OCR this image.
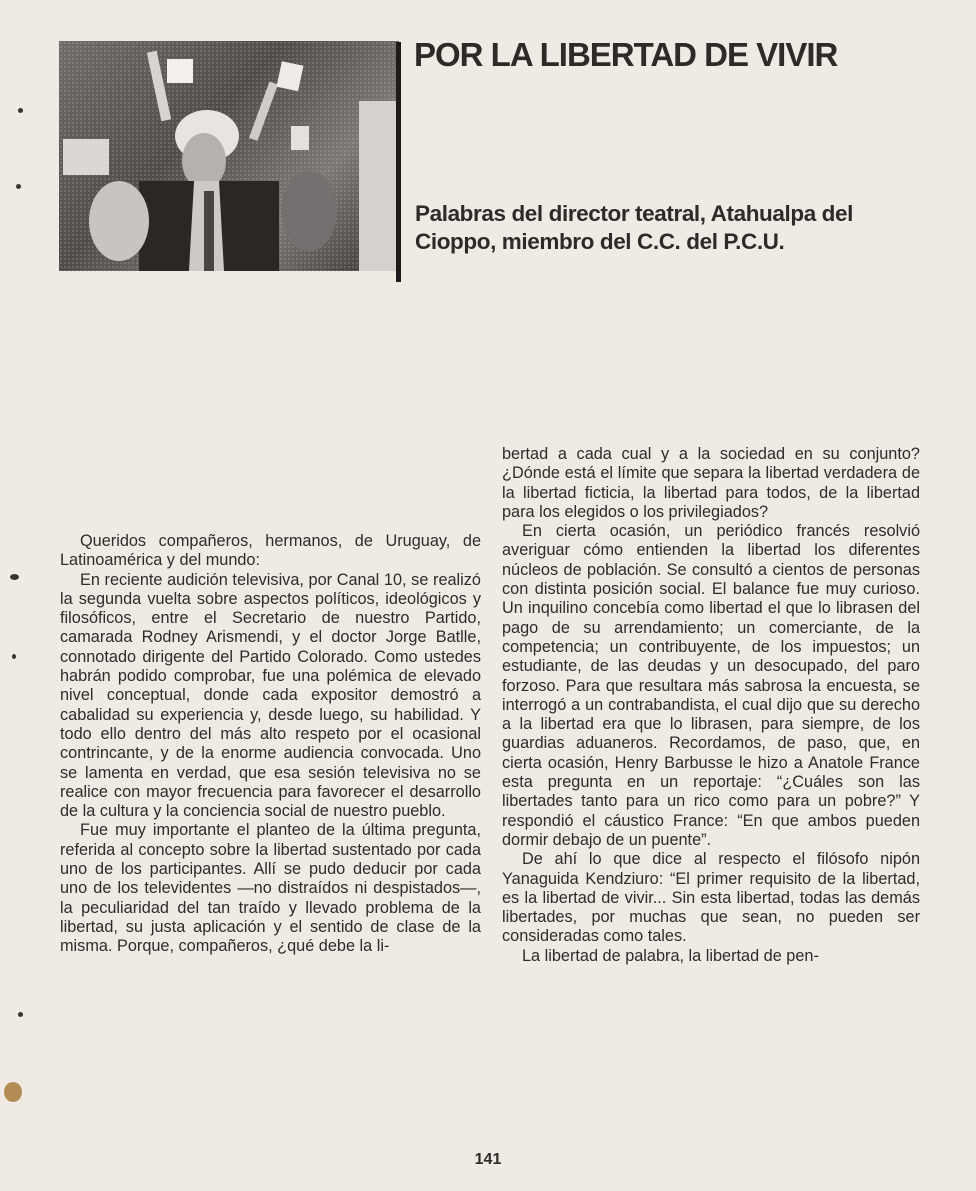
POR LA LIBERTAD DE VIVIR
Palabras del director teatral, Atahualpa del Cioppo, miembro del C.C. del P.C.U.

Queridos compañeros, hermanos, de Uruguay, de Latinoamérica y del mundo:

En reciente audición televisiva, por Canal 10, se realizó la segunda vuelta sobre aspectos políticos, ideológicos y filosóficos, entre el Secretario de nuestro Partido, camarada Rodney Arismendi, y el doctor Jorge Batlle, connotado dirigente del Partido Colorado. Como ustedes habrán podido comprobar, fue una polémica de elevado nivel conceptual, donde cada expositor demostró a cabalidad su experiencia y, desde luego, su habilidad. Y todo ello dentro del más alto respeto por el ocasional contrincante, y de la enorme audiencia convocada. Uno se lamenta en verdad, que esa sesión televisiva no se realice con mayor frecuencia para favorecer el desarrollo de la cultura y la conciencia social de nuestro pueblo.

Fue muy importante el planteo de la última pregunta, referida al concepto sobre la libertad sustentado por cada uno de los participantes. Allí se pudo deducir por cada uno de los televidentes —no distraídos ni despistados—, la peculiaridad del tan traído y llevado problema de la libertad, su justa aplicación y el sentido de clase de la misma. Porque, compañeros, ¿qué debe la li-

bertad a cada cual y a la sociedad en su conjunto? ¿Dónde está el límite que separa la libertad verdadera de la libertad ficticia, la libertad para todos, de la libertad para los elegidos o los privilegiados?

En cierta ocasión, un periódico francés resolvió averiguar cómo entienden la libertad los diferentes núcleos de población. Se consultó a cientos de personas con distinta posición social. El balance fue muy curioso. Un inquilino concebía como libertad el que lo librasen del pago de su arrendamiento; un comerciante, de la competencia; un contribuyente, de los impuestos; un estudiante, de las deudas y un desocupado, del paro forzoso. Para que resultara más sabrosa la encuesta, se interrogó a un contrabandista, el cual dijo que su derecho a la libertad era que lo librasen, para siempre, de los guardias aduaneros. Recordamos, de paso, que, en cierta ocasión, Henry Barbusse le hizo a Anatole France esta pregunta en un reportaje: “¿Cuáles son las libertades tanto para un rico como para un pobre?” Y respondió el cáustico France: “En que ambos pueden dormir debajo de un puente”.

De ahí lo que dice al respecto el filósofo nipón Yanaguida Kendziuro: “El primer requisito de la libertad, es la libertad de vivir... Sin esta libertad, todas las demás libertades, por muchas que sean, no pueden ser consideradas como tales.

La libertad de palabra, la libertad de pen-

141
